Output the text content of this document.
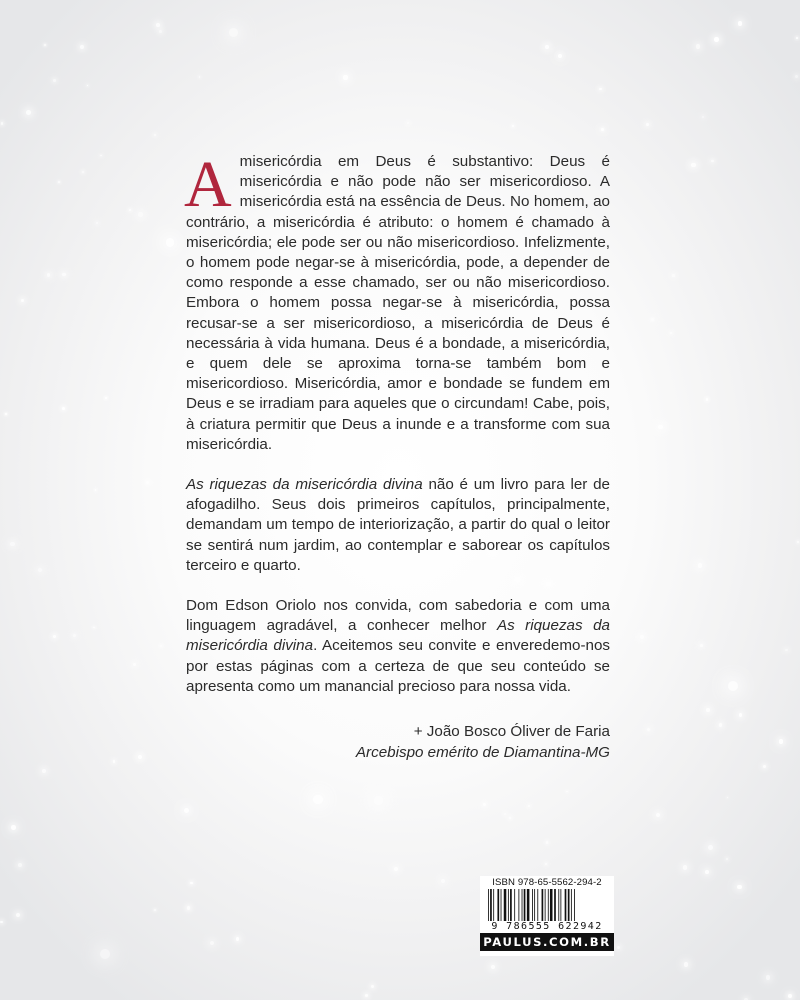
Amisericórdia em Deus é substantivo: Deus é misericórdia e não pode não ser misericordioso. A misericórdia está na essência de Deus. No homem, ao contrário, a misericórdia é atributo: o homem é chamado à misericórdia; ele pode ser ou não misericordioso. Infelizmente, o homem pode negar-se à misericórdia, pode, a depender de como responde a esse chamado, ser ou não misericordioso. Embora o homem possa negar-se à misericórdia, possa recusar-se a ser misericordioso, a misericórdia de Deus é necessária à vida humana. Deus é a bondade, a misericórdia, e quem dele se aproxima torna-se também bom e misericordioso. Misericórdia, amor e bondade se fundem em Deus e se irradiam para aqueles que o circundam! Cabe, pois, à criatura permitir que Deus a inunde e a transforme com sua misericórdia.

As riquezas da misericórdia divina não é um livro para ler de afogadilho. Seus dois primeiros capítulos, principalmente, demandam um tempo de interiorização, a partir do qual o leitor se sentirá num jardim, ao contemplar e saborear os capítulos terceiro e quarto.

Dom Edson Oriolo nos convida, com sabedoria e com uma linguagem agradável, a conhecer melhor As riquezas da misericórdia divina. Aceitemos seu convite e enveredemo-nos por estas páginas com a certeza de que seu conteúdo se apresenta como um manancial precioso para nossa vida.

+ João Bosco Óliver de Faria
Arcebispo emérito de Diamantina-MG
ISBN 978-65-5562-294-2
9 786555 622942
PAULUS.COM.BR
